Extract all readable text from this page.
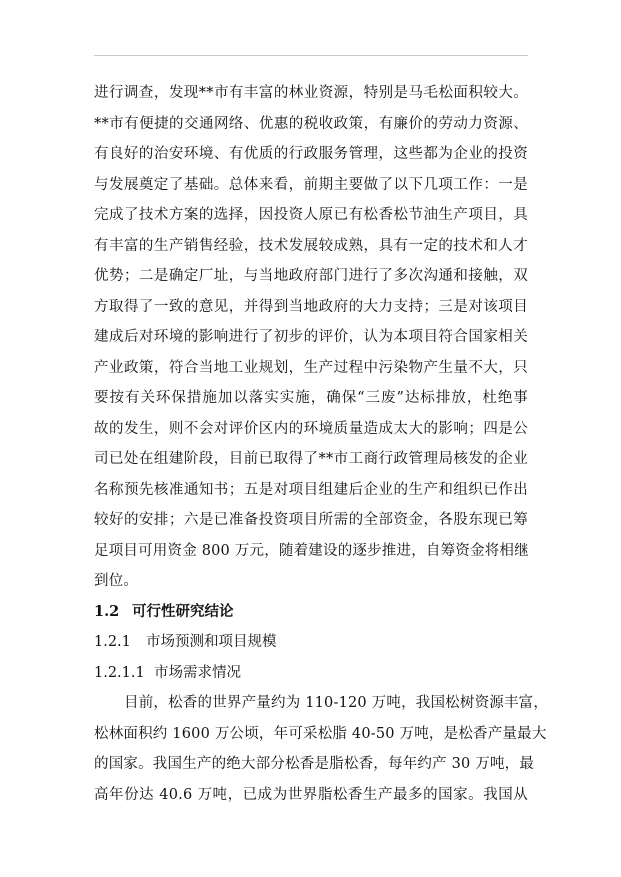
进行调查，发现**市有丰富的林业资源，特别是马毛松面积较大。
**市有便捷的交通网络、优惠的税收政策，有廉价的劳动力资源、
有良好的治安环境、有优质的行政服务管理，这些都为企业的投资
与发展奠定了基础。总体来看，前期主要做了以下几项工作：一是
完成了技术方案的选择，因投资人原已有松香松节油生产项目，具
有丰富的生产销售经验，技术发展较成熟，具有一定的技术和人才
优势；二是确定厂址，与当地政府部门进行了多次沟通和接触，双
方取得了一致的意见，并得到当地政府的大力支持；三是对该项目
建成后对环境的影响进行了初步的评价，认为本项目符合国家相关
产业政策，符合当地工业规划，生产过程中污染物产生量不大，只
要按有关环保措施加以落实实施，确保“三废”达标排放，杜绝事
故的发生，则不会对评价区内的环境质量造成太大的影响；四是公
司已处在组建阶段，目前已取得了**市工商行政管理局核发的企业
名称预先核准通知书；五是对项目组建后企业的生产和组织已作出
较好的安排；六是已准备投资项目所需的全部资金，各股东现已筹
足项目可用资金 800 万元，随着建设的逐步推进，自筹资金将相继
到位。
1.2 可行性研究结论
1.2.1 市场预测和项目规模
1.2.1.1 市场需求情况
目前，松香的世界产量约为 110-120 万吨，我国松树资源丰富，
松林面积约 1600 万公顷，年可采松脂 40-50 万吨，是松香产量最大
的国家。我国生产的绝大部分松香是脂松香，每年约产 30 万吨，最
高年份达 40.6 万吨，已成为世界脂松香生产最多的国家。我国从
